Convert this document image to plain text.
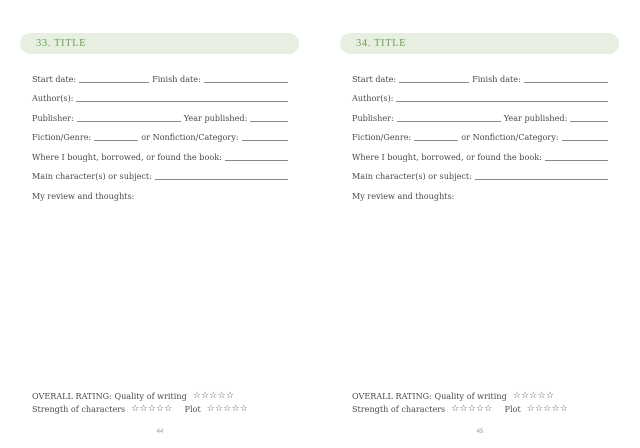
33. TITLE
Start date:	Finish date:
Author(s):
Publisher:	Year published:
Fiction/Genre:	or Nonfiction/Category:
Where I bought, borrowed, or found the book:
Main character(s) or subject:
My review and thoughts:
OVERALL RATING: Quality of writing ☆☆☆☆☆
Strength of characters ☆☆☆☆☆ Plot ☆☆☆☆☆
44
34. TITLE
Start date:	Finish date:
Author(s):
Publisher:	Year published:
Fiction/Genre:	or Nonfiction/Category:
Where I bought, borrowed, or found the book:
Main character(s) or subject:
My review and thoughts:
OVERALL RATING: Quality of writing ☆☆☆☆☆
Strength of characters ☆☆☆☆☆ Plot ☆☆☆☆☆
45
